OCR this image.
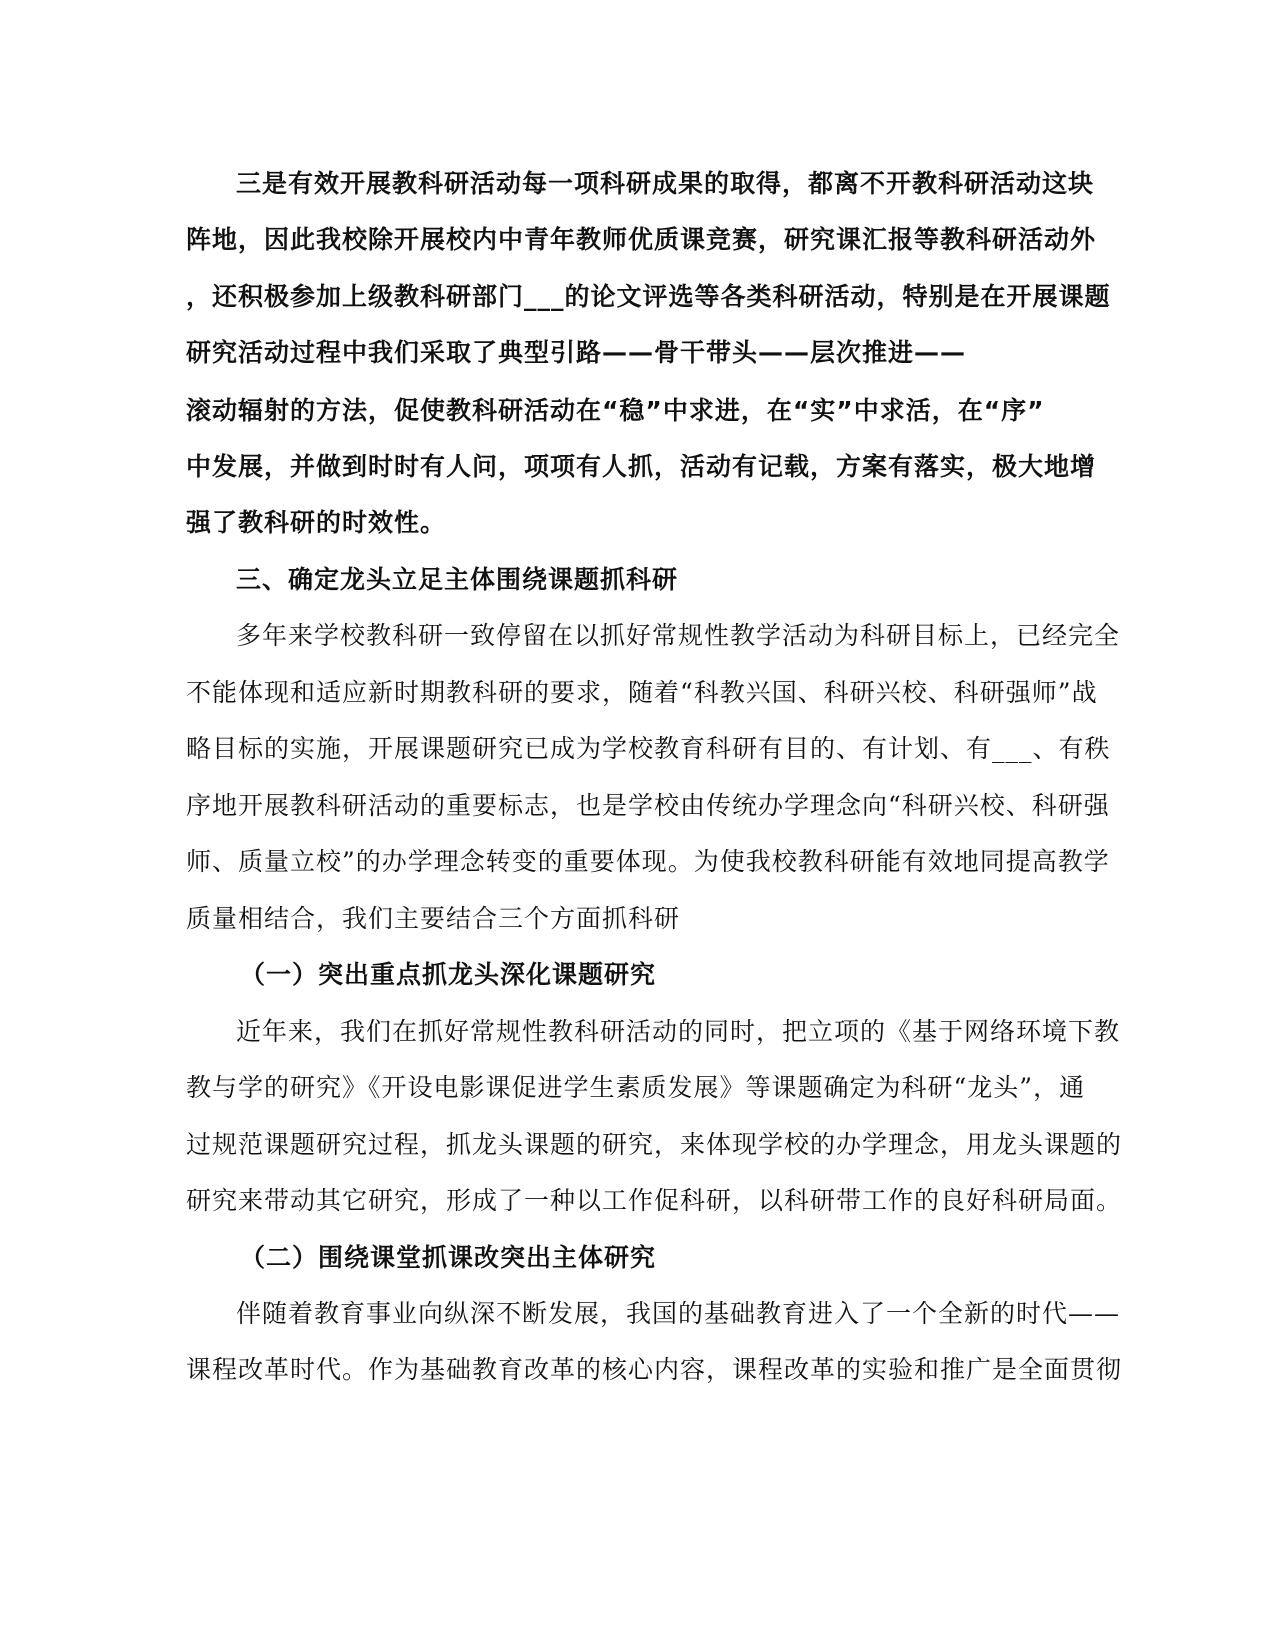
三是有效开展教科研活动每一项科研成果的取得，都离不开教科研活动这块
阵地，因此我校除开展校内中青年教师优质课竞赛，研究课汇报等教科研活动外
，还积极参加上级教科研部门___的论文评选等各类科研活动，特别是在开展课题
研究活动过程中我们采取了典型引路——骨干带头——层次推进——
滚动辐射的方法，促使教科研活动在“稳”中求进，在“实”中求活，在“序”
中发展，并做到时时有人问，项项有人抓，活动有记载，方案有落实，极大地增
强了教科研的时效性。
三、确定龙头立足主体围绕课题抓科研
多年来学校教科研一致停留在以抓好常规性教学活动为科研目标上，已经完全
不能体现和适应新时期教科研的要求，随着“科教兴国、科研兴校、科研强师”战
略目标的实施，开展课题研究已成为学校教育科研有目的、有计划、有___、有秩
序地开展教科研活动的重要标志，也是学校由传统办学理念向“科研兴校、科研强
师、质量立校”的办学理念转变的重要体现。为使我校教科研能有效地同提高教学
质量相结合，我们主要结合三个方面抓科研
（一）突出重点抓龙头深化课题研究
近年来，我们在抓好常规性教科研活动的同时，把立项的《基于网络环境下教
教与学的研究》《开设电影课促进学生素质发展》等课题确定为科研“龙头”，通
过规范课题研究过程，抓龙头课题的研究，来体现学校的办学理念，用龙头课题的
研究来带动其它研究，形成了一种以工作促科研，以科研带工作的良好科研局面。
（二）围绕课堂抓课改突出主体研究
伴随着教育事业向纵深不断发展，我国的基础教育进入了一个全新的时代——
课程改革时代。作为基础教育改革的核心内容，课程改革的实验和推广是全面贯彻
